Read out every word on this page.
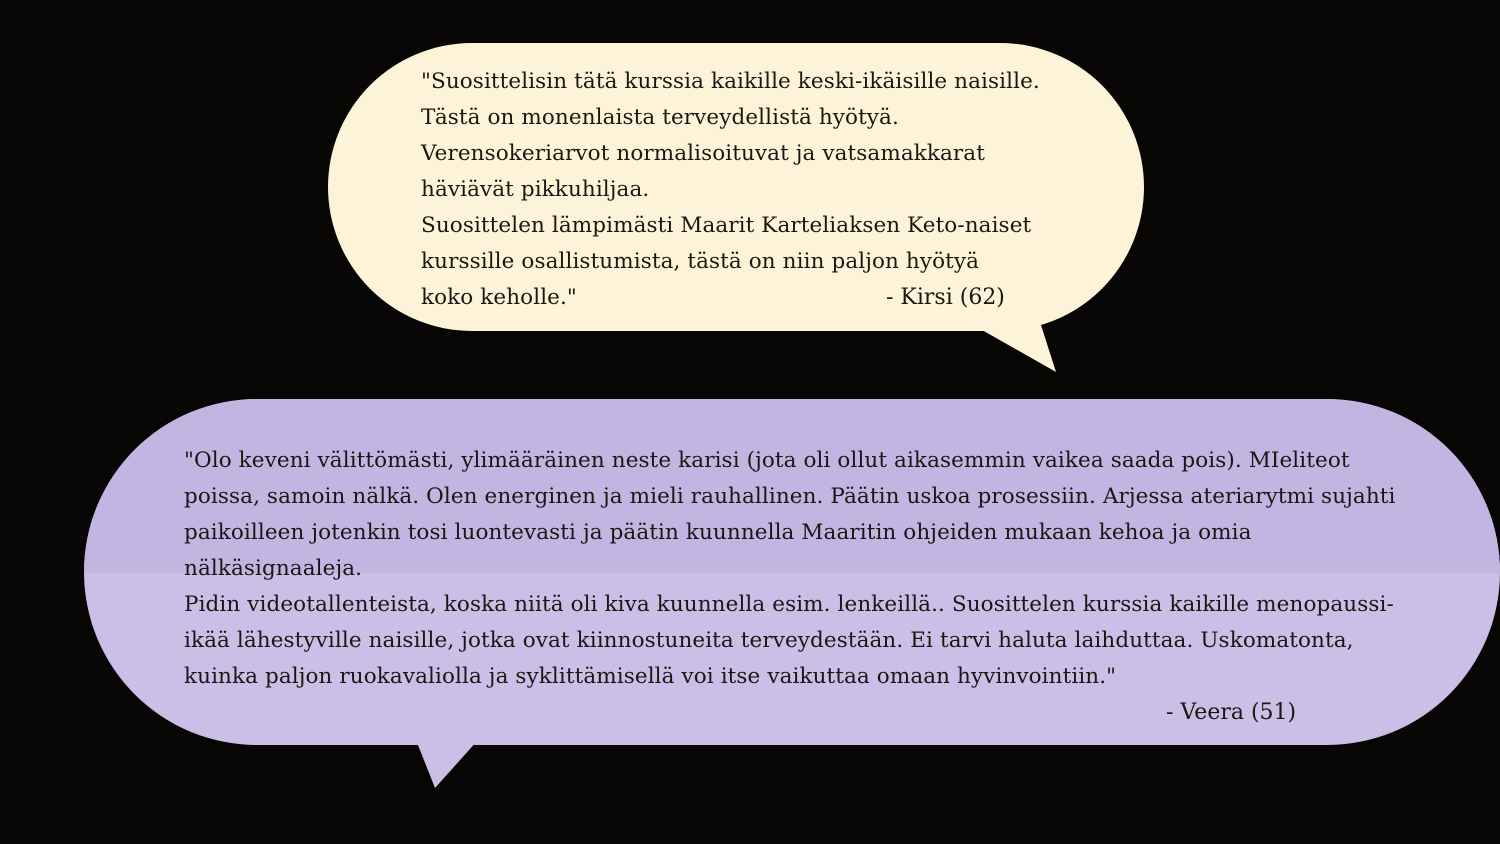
"Suosittelisin tätä kurssia kaikille keski-ikäisille naisille.
Tästä on monenlaista terveydellistä hyötyä.
Verensokeriarvot normalisoituvat ja vatsamakkarat
häviävät pikkuhiljaa.
Suosittelen lämpimästi Maarit Karteliaksen Keto-naiset
kurssille osallistumista, tästä on niin paljon hyötyä
koko keholle."	- Kirsi (62)
"Olo keveni välittömästi, ylimääräinen neste karisi (jota oli ollut aikasemmin vaikea saada pois). MIeliteot
poissa, samoin nälkä. Olen energinen ja mieli rauhallinen. Päätin uskoa prosessiin. Arjessa ateriarytmi sujahti
paikoilleen jotenkin tosi luontevasti ja päätin kuunnella Maaritin ohjeiden mukaan kehoa ja omia
nälkäsignaaleja.
Pidin videotallenteista, koska niitä oli kiva kuunnella esim. lenkeillä.. Suosittelen kurssia kaikille menopaussi-
ikää lähestyville naisille, jotka ovat kiinnostuneita terveydestään. Ei tarvi haluta laihduttaa. Uskomatonta,
kuinka paljon ruokavaliolla ja syklittämisellä voi itse vaikuttaa omaan hyvinvointiin."
- Veera (51)
